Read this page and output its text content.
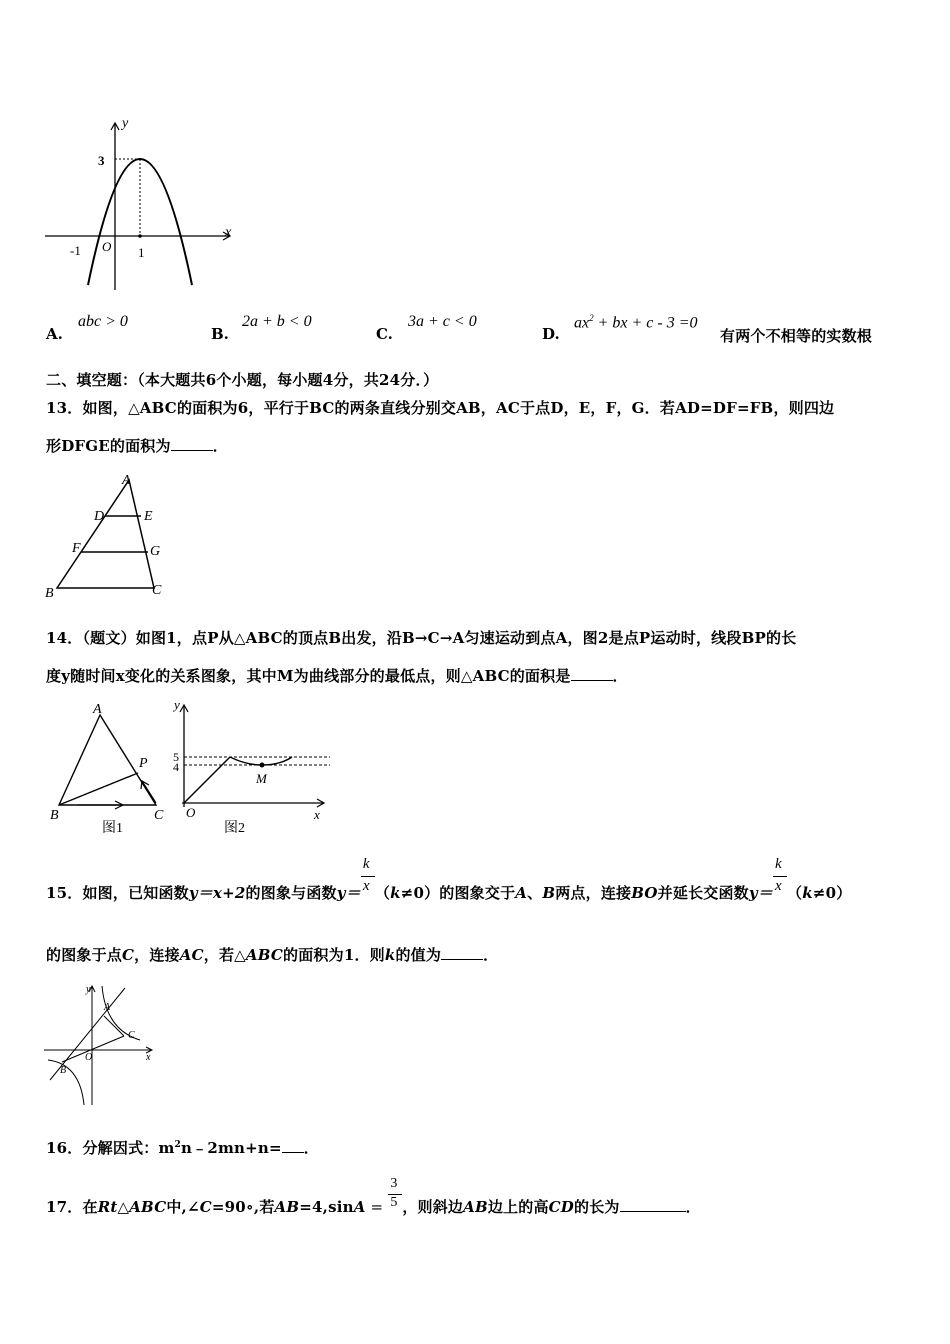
y
x
3
-1 O 1
A.
abc > 0
B.
2a + b < 0
C.
3a + c < 0
D.
$ax^2$ + bx + c - 3 =0
有两个不相等的实数根
二、填空题：（本大题共6个小题，每小题4分，共24分．）
13．如图，△ABC的面积为6，平行于BC的两条直线分别交AB，AC于点D，E，F，G．若AD=DF=FB，则四边
形DFGE的面积为	．
A
D	E
F	G
B	C
14．（题文）如图1，点P从△ABC的顶点B出发，沿B→C→A匀速运动到点A，图2是点P运动时，线段BP的长
度y随时间x变化的关系图象，其中M为曲线部分的最低点，则△ABC的面积是	．
A
P
B	C
图1
y
x
O
5
4
M
图2
15．如图，已知函数y＝x+2的图象与函数$y= \frac{k}{x} (k\ne 0)$的图象交于A、B两点，连接BO并延长交函数$y= \frac{k}{x} (k\ne 0)$
的图象于点C，连接AC，若△ABC的面积为1．则k的值为	．
y
x
O
A
B
C
16．分解因式：$m^2n﹣2mn+n=$ ．
17．在Rt△ABC中,∠C=90∘,若$AB=4,\sin A = \frac{3}{5}$ ，则斜边AB边上的高CD的长为	．
